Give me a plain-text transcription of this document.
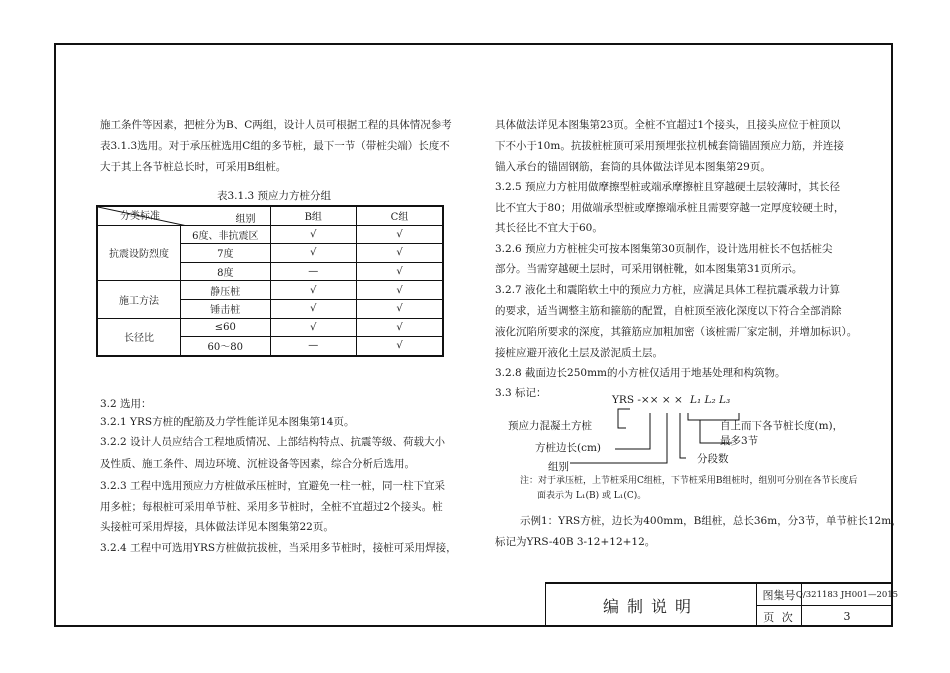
施工条件等因素，把桩分为B、C两组，设计人员可根据工程的具体情况参考

表3.1.3选用。对于承压桩选用C组的多节桩，最下一节（带桩尖端）长度不

大于其上各节桩总长时，可采用B组桩。

表3.1.3 预应力方桩分组
组别
分类标准		B组	C组
抗震设防烈度	6度、非抗震区	√	√
	7度	√	√
	8度	—	√
施工方法	静压桩	√	√
	锤击桩	√	√
长径比	≤60	√	√
	60～80	—	√

3.2 选用：

3.2.1 YRS方桩的配筋及力学性能详见本图集第14页。

3.2.2 设计人员应结合工程地质情况、上部结构特点、抗震等级、荷载大小

及性质、施工条件、周边环境、沉桩设备等因素，综合分析后选用。

3.2.3 工程中选用预应力方桩做承压桩时，宜避免一柱一桩，同一柱下宜采

用多桩；每根桩可采用单节桩、采用多节桩时，全桩不宜超过2个接头。桩

头接桩可采用焊接，具体做法详见本图集第22页。

3.2.4 工程中可选用YRS方桩做抗拔桩，当采用多节桩时，接桩可采用焊接，

具体做法详见本图集第23页。全桩不宜超过1个接头，且接头应位于桩顶以

下不小于10m。抗拔桩桩顶可采用预埋张拉机械套筒锚固预应力筋，并连接

锚入承台的锚固钢筋，套筒的具体做法详见本图集第29页。

3.2.5 预应力方桩用做摩擦型桩或端承摩擦桩且穿越硬土层较薄时，其长径

比不宜大于80；用做端承型桩或摩擦端承桩且需要穿越一定厚度较硬土时，

其长径比不宜大于60。

3.2.6 预应力方桩桩尖可按本图集第30页制作，设计选用桩长不包括桩尖

部分。当需穿越硬土层时，可采用钢桩靴，如本图集第31页所示。

3.2.7 液化土和震陷软土中的预应力方桩，应满足具体工程抗震承载力计算

的要求，适当调整主筋和箍筋的配置，自桩顶至液化深度以下符合全部消除

液化沉陷所要求的深度，其箍筋应加粗加密（该桩需厂家定制，并增加标识）。

接桩应避开液化土层及淤泥质土层。

3.2.8 截面边长250mm的小方桩仅适用于地基处理和构筑物。

3.3 标记：

YRS -×× × × L₁ L₂ L₃
预应力混凝土方桩
方桩边长(cm)
组别
分段数
自上而下各节桩长度(m)，
最多3节

注：对于承压桩，上节桩采用C组桩，下节桩采用B组桩时，组别可分别在各节长度后

面表示为 L₁(B) 或 L₁(C)。

示例1：YRS方桩，边长为400mm，B组桩，总长36m，分3节，单节桩长12m，

标记为YRS-40B 3-12+12+12。

编制说明
图集号 Q/321183 JH001—2015
页 次	3
